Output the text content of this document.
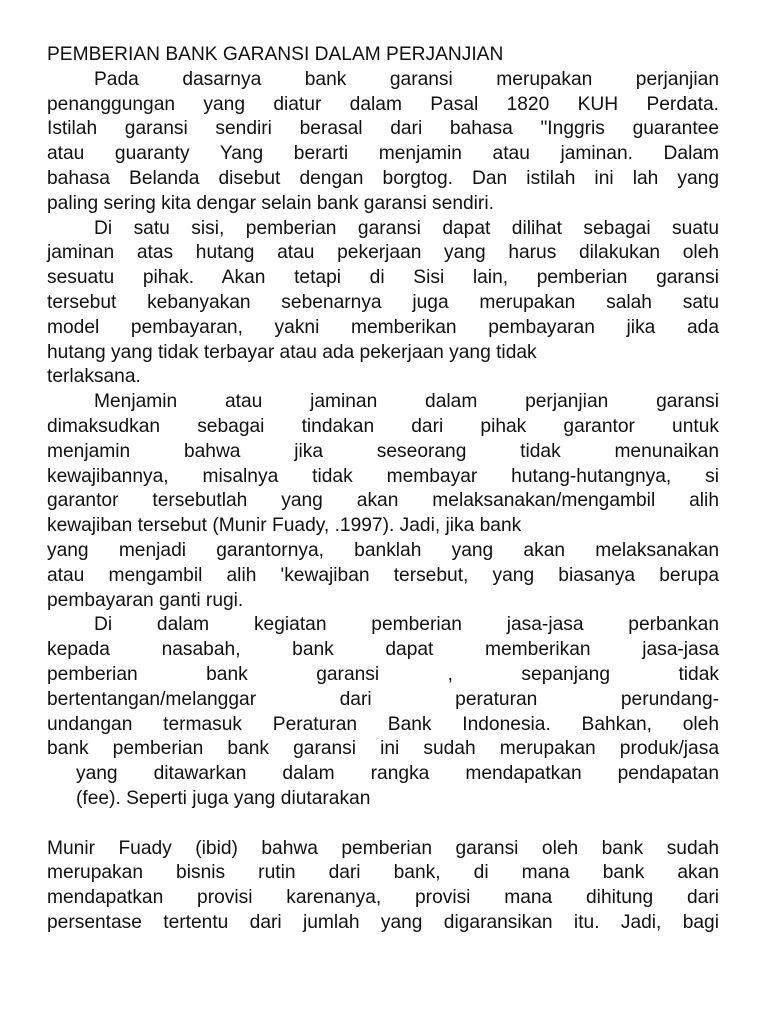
PEMBERIAN BANK GARANSI DALAM PERJANJIAN
Pada dasarnya bank garansi merupakan perjanjian
penanggungan yang diatur dalam Pasal 1820 KUH Perdata.
Istilah garansi sendiri berasal dari bahasa "Inggris guarantee
atau guaranty Yang berarti menjamin atau jaminan. Dalam
bahasa Belanda disebut dengan borgtog. Dan istilah ini lah yang
paling sering kita dengar selain bank garansi sendiri.
Di satu sisi, pemberian garansi dapat dilihat sebagai suatu
jaminan atas hutang atau pekerjaan yang harus dilakukan oleh
sesuatu pihak. Akan tetapi di Sisi lain, pemberian garansi
tersebut kebanyakan sebenarnya juga merupakan salah satu
model pembayaran, yakni memberikan pembayaran jika ada
hutang yang tidak terbayar atau ada pekerjaan yang tidak
terlaksana.
Menjamin atau jaminan dalam perjanjian garansi
dimaksudkan sebagai tindakan dari pihak garantor untuk
menjamin bahwa jika seseorang tidak menunaikan
kewajibannya, misalnya tidak membayar hutang-hutangnya, si
garantor tersebutlah yang akan melaksanakan/mengambil alih
kewajiban tersebut (Munir Fuady, .1997). Jadi, jika bank
yang menjadi garantornya, banklah yang akan melaksanakan
atau mengambil alih 'kewajiban tersebut, yang biasanya berupa
pembayaran ganti rugi.
Di dalam kegiatan pemberian jasa-jasa perbankan
kepada nasabah, bank dapat memberikan jasa-jasa
pemberian bank garansi , sepanjang tidak
bertentangan/melanggar dari peraturan perundang-
undangan termasuk Peraturan Bank Indonesia. Bahkan, oleh
bank pemberian bank garansi ini sudah merupakan produk/jasa
yang ditawarkan dalam rangka mendapatkan pendapatan
(fee). Seperti juga yang diutarakan
Munir Fuady (ibid) bahwa pemberian garansi oleh bank sudah
merupakan bisnis rutin dari bank, di mana bank akan
mendapatkan provisi karenanya, provisi mana dihitung dari
persentase tertentu dari jumlah yang digaransikan itu. Jadi, bagi
